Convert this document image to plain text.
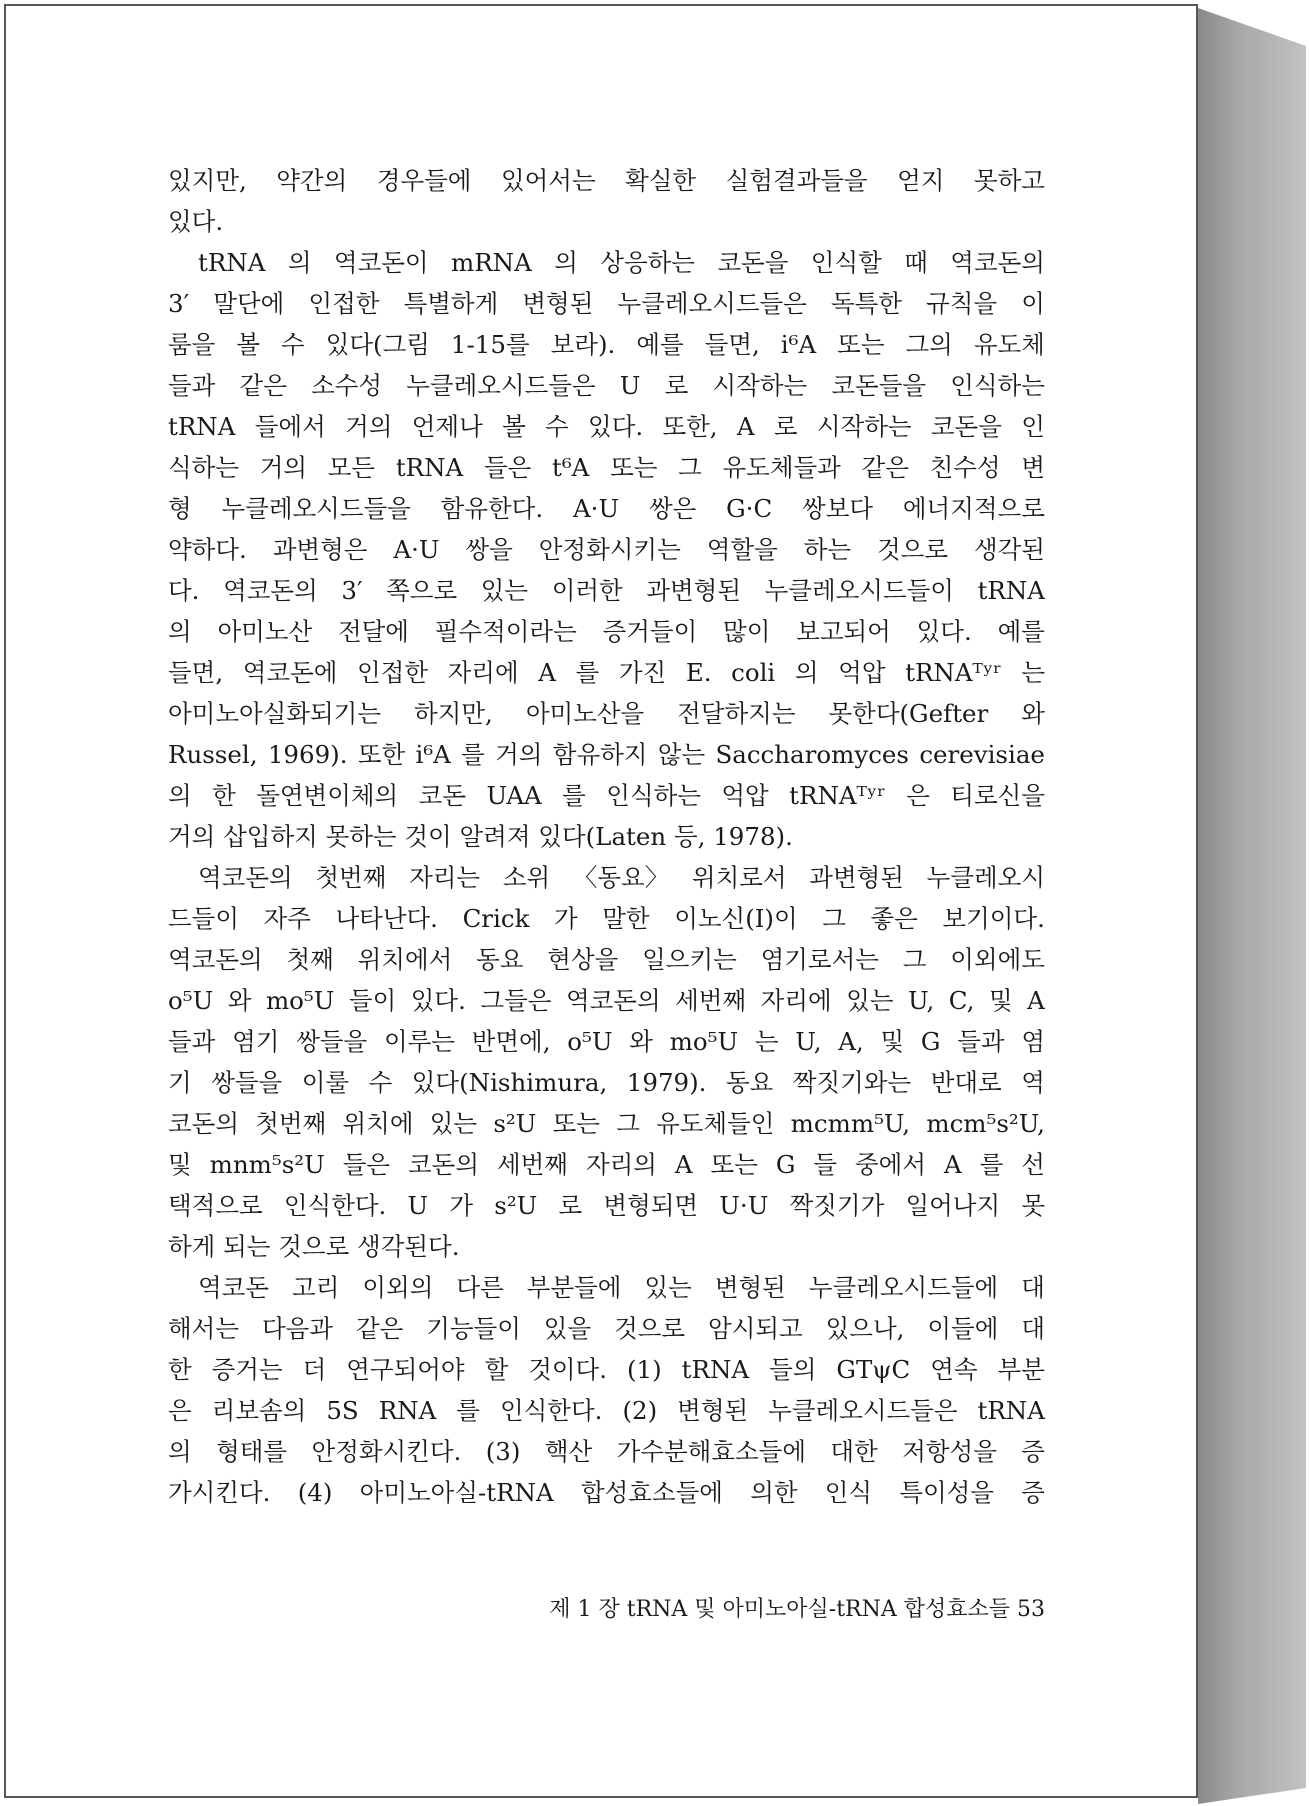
있지만, 약간의 경우들에 있어서는 확실한 실험결과들을 얻지 못하고
있다.
tRNA 의 역코돈이 mRNA 의 상응하는 코돈을 인식할 때 역코돈의
3′ 말단에 인접한 특별하게 변형된 누클레오시드들은 독특한 규칙을 이
룸을 볼 수 있다(그림 1-15를 보라). 예를 들면, i⁶A 또는 그의 유도체
들과 같은 소수성 누클레오시드들은 U 로 시작하는 코돈들을 인식하는
tRNA 들에서 거의 언제나 볼 수 있다. 또한, A 로 시작하는 코돈을 인
식하는 거의 모든 tRNA 들은 t⁶A 또는 그 유도체들과 같은 친수성 변
형 누클레오시드들을 함유한다. A·U 쌍은 G·C 쌍보다 에너지적으로
약하다. 과변형은 A·U 쌍을 안정화시키는 역할을 하는 것으로 생각된
다. 역코돈의 3′ 쪽으로 있는 이러한 과변형된 누클레오시드들이 tRNA
의 아미노산 전달에 필수적이라는 증거들이 많이 보고되어 있다. 예를
들면, 역코돈에 인접한 자리에 A 를 가진 E. coli 의 억압 tRNAᵀʸʳ 는
아미노아실화되기는 하지만, 아미노산을 전달하지는 못한다(Gefter 와
Russel, 1969). 또한 i⁶A 를 거의 함유하지 않는 Saccharomyces cerevisiae
의 한 돌연변이체의 코돈 UAA 를 인식하는 억압 tRNAᵀʸʳ 은 티로신을
거의 삽입하지 못하는 것이 알려져 있다(Laten 등, 1978).
역코돈의 첫번째 자리는 소위 〈동요〉 위치로서 과변형된 누클레오시
드들이 자주 나타난다. Crick 가 말한 이노신(I)이 그 좋은 보기이다.
역코돈의 첫째 위치에서 동요 현상을 일으키는 염기로서는 그 이외에도
o⁵U 와 mo⁵U 들이 있다. 그들은 역코돈의 세번째 자리에 있는 U, C, 및 A
들과 염기 쌍들을 이루는 반면에, o⁵U 와 mo⁵U 는 U, A, 및 G 들과 염
기 쌍들을 이룰 수 있다(Nishimura, 1979). 동요 짝짓기와는 반대로 역
코돈의 첫번째 위치에 있는 s²U 또는 그 유도체들인 mcmm⁵U, mcm⁵s²U,
및 mnm⁵s²U 들은 코돈의 세번째 자리의 A 또는 G 들 중에서 A 를 선
택적으로 인식한다. U 가 s²U 로 변형되면 U·U 짝짓기가 일어나지 못
하게 되는 것으로 생각된다.
역코돈 고리 이외의 다른 부분들에 있는 변형된 누클레오시드들에 대
해서는 다음과 같은 기능들이 있을 것으로 암시되고 있으나, 이들에 대
한 증거는 더 연구되어야 할 것이다. (1) tRNA 들의 GTψC 연속 부분
은 리보솜의 5S RNA 를 인식한다. (2) 변형된 누클레오시드들은 tRNA
의 형태를 안정화시킨다. (3) 핵산 가수분해효소들에 대한 저항성을 증
가시킨다. (4) 아미노아실-tRNA 합성효소들에 의한 인식 특이성을 증
제 1 장 tRNA 및 아미노아실-tRNA 합성효소들 53
